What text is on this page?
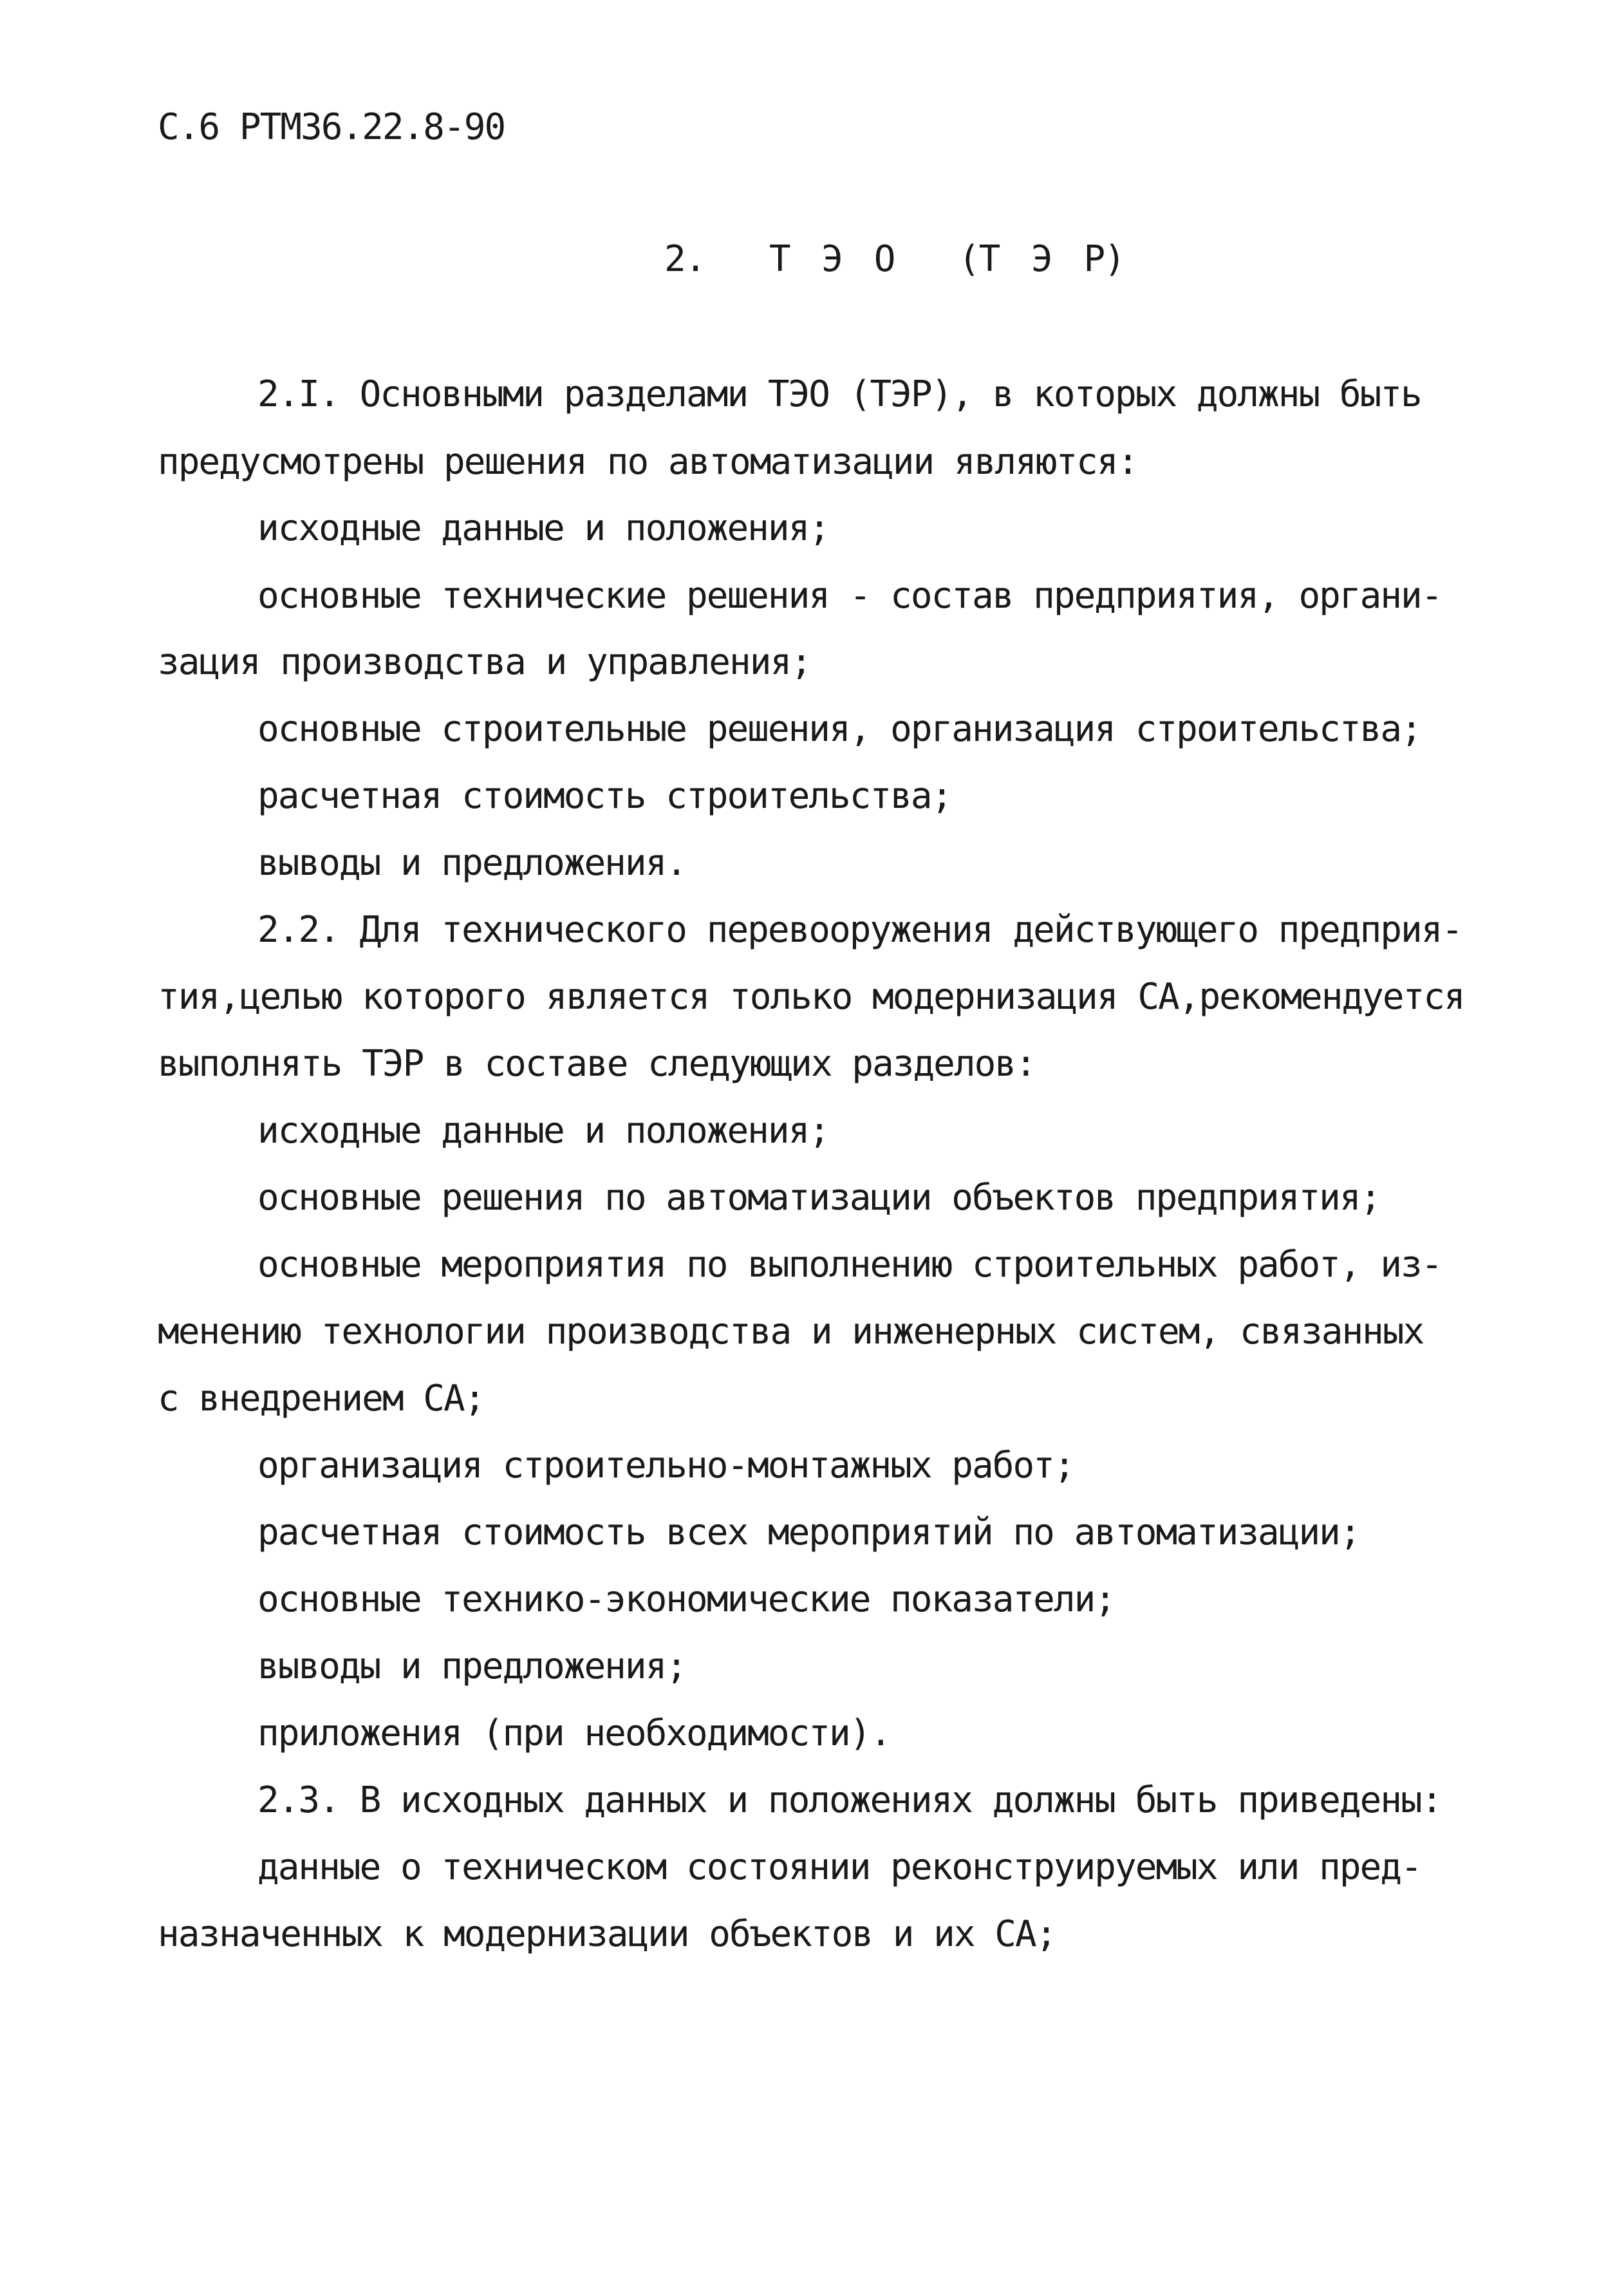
С.6 РТМ36.22.8-90
2.  Т Э О  (Т Э Р)
2.I. Основными разделами ТЭО (ТЭР), в которых должны быть
предусмотрены решения по автоматизации являются:
исходные данные и положения;
основные технические решения - состав предприятия, органи-
зация производства и управления;
основные строительные решения, организация строительства;
расчетная стоимость строительства;
выводы и предложения.
2.2. Для технического перевооружения действующего предприя-
тия,целью которого является только модернизация СА,рекомендуется
выполнять ТЭР в составе следующих разделов:
исходные данные и положения;
основные решения по автоматизации объектов предприятия;
основные мероприятия по выполнению строительных работ, из-
менению технологии производства и инженерных систем, связанных
с внедрением СА;
организация строительно-монтажных работ;
расчетная стоимость всех мероприятий по автоматизации;
основные технико-экономические показатели;
выводы и предложения;
приложения (при необходимости).
2.3. В исходных данных и положениях должны быть приведены:
данные о техническом состоянии реконструируемых или пред-
назначенных к модернизации объектов и их СА;
